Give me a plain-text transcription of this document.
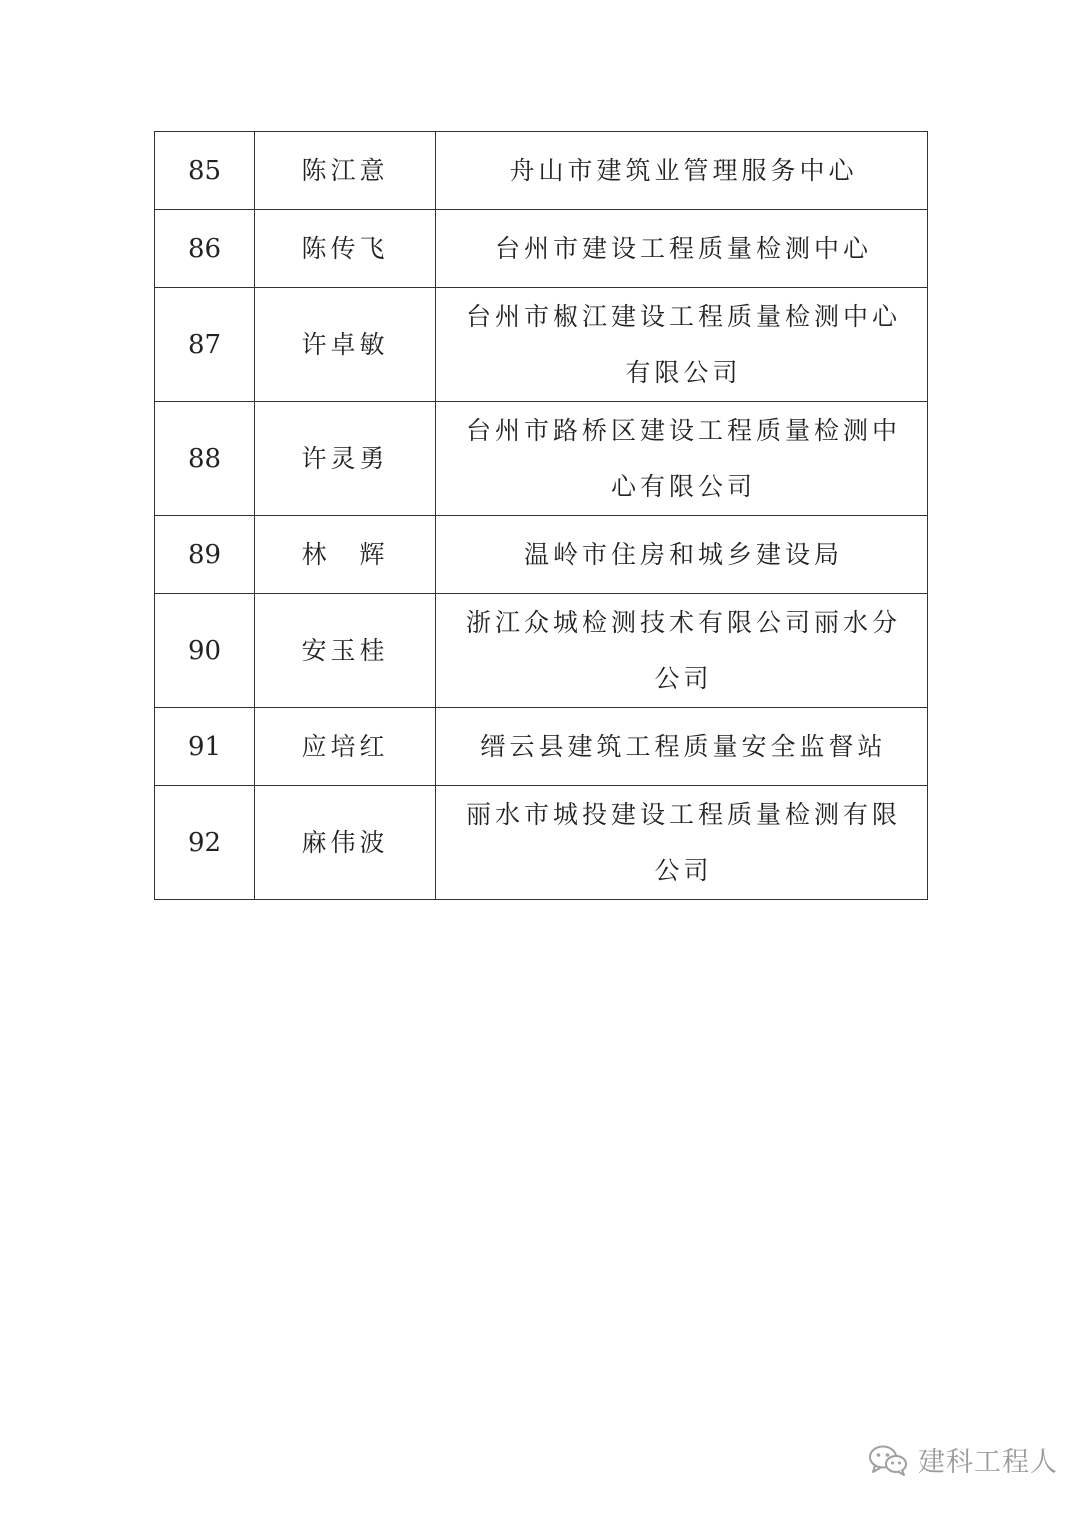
85	陈江意	舟山市建筑业管理服务中心
86	陈传飞	台州市建设工程质量检测中心
87	许卓敏	台州市椒江建设工程质量检测中心有限公司
88	许灵勇	台州市路桥区建设工程质量检测中心有限公司
89	林　辉	温岭市住房和城乡建设局
90	安玉桂	浙江众城检测技术有限公司丽水分公司
91	应培红	缙云县建筑工程质量安全监督站
92	麻伟波	丽水市城投建设工程质量检测有限公司
建科工程人
